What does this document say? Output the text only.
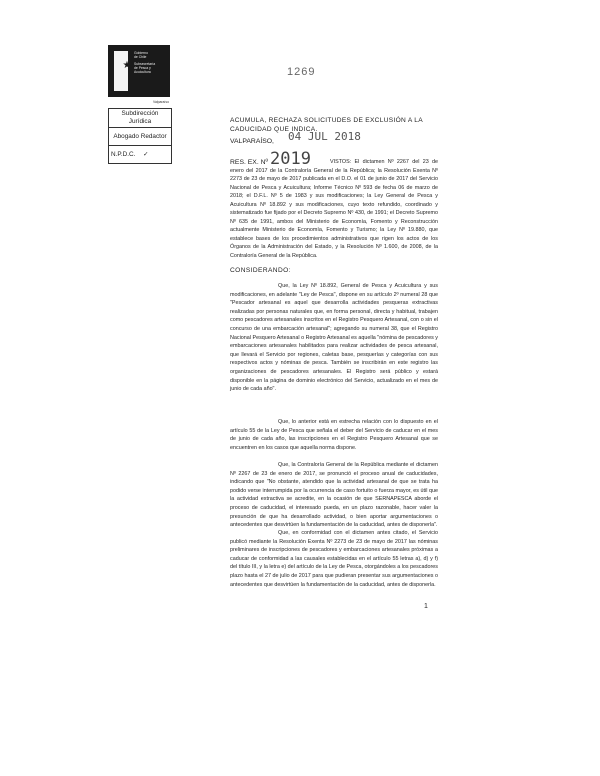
★
Gobierno
de Chile
Subsecretaría
de Pesca y
Acuicultura
Valparaíso
Subdirección Jurídica
Abogado Redactor
N.P.D.C. ✓
1269
ACUMULA, RECHAZA SOLICITUDES DE EXCLUSIÓN A LA
CADUCIDAD QUE INDICA.
VALPARAÍSO, 04 JUL 2018
RES. EX. Nº 2019	VISTOS: El dictamen Nº 2267 del 23 de enero del 2017 de la Contraloría General de la República; la Resolución Exenta Nº 2273 de 23 de mayo de 2017 publicada en el D.O. el 01 de junio de 2017 del Servicio Nacional de Pesca y Acuicultura; Informe Técnico Nº 593 de fecha 06 de marzo de 2018; el D.F.L. Nº 5 de 1983 y sus modificaciones; la Ley General de Pesca y Acuicultura Nº 18.892 y sus modificaciones, cuyo texto refundido, coordinado y sistematizado fue fijado por el Decreto Supremo Nº 430, de 1991; el Decreto Supremo Nº 635 de 1991, ambos del Ministerio de Economía, Fomento y Reconstrucción actualmente Ministerio de Economía, Fomento y Turismo; la Ley Nº 19.880, que establece bases de los procedimientos administrativos que rigen los actos de los Órganos de la Administración del Estado, y la Resolución Nº 1.600, de 2008, de la Contraloría General de la República.
CONSIDERANDO:
Que, la Ley Nº 18.892, General de Pesca y Acuicultura y sus modificaciones, en adelante "Ley de Pesca", dispone en su artículo 2º numeral 28 que "Pescador artesanal es aquel que desarrolla actividades pesqueras extractivas realizadas por personas naturales que, en forma personal, directa y habitual, trabajen como pescadores artesanales inscritos en el Registro Pesquero Artesanal, con o sin el concurso de una embarcación artesanal"; agregando su numeral 38, que el Registro Nacional Pesquero Artesanal o Registro Artesanal es aquella "nómina de pescadores y embarcaciones artesanales habilitados para realizar actividades de pesca artesanal, que llevará el Servicio por regiones, caletas base, pesquerías y categorías con sus respectivos actos y nóminas de pesca. También se inscribirán en este registro las organizaciones de pescadores artesanales. El Registro será público y estará disponible en la página de dominio electrónico del Servicio, actualizado en el mes de junio de cada año".
Que, lo anterior está en estrecha relación con lo dispuesto en el artículo 55 de la Ley de Pesca que señala el deber del Servicio de caducar en el mes de junio de cada año, las inscripciones en el Registro Pesquero Artesanal que se encuentren en los casos que aquella norma dispone.
Que, la Contraloría General de la República mediante el dictamen Nº 2267 de 23 de enero de 2017, se pronunció el proceso anual de caducidades, indicando que "No obstante, atendido que la actividad artesanal de que se trata ha podido verse interrumpida por la ocurrencia de caso fortuito o fuerza mayor, es útil que la actividad extractiva se acredite, en la ocasión de que SERNAPESCA aborde el proceso de caducidad, el interesado pueda, en un plazo razonable, hacer valer la presunción de que ha desarrollado actividad, o bien aportar argumentaciones o antecedentes que desvirtúen la fundamentación de la caducidad, antes de disponerla".
Que, en conformidad con el dictamen antes citado, el Servicio publicó mediante la Resolución Exenta Nº 2273 de 23 de mayo de 2017 las nóminas preliminares de inscripciones de pescadores y embarcaciones artesanales próximas a caducar de conformidad a las causales establecidas en el artículo 55 letras a), d) y f) del título III, y la letra e) del artículo de la Ley de Pesca, otorgándoles a los pescadores plazo hasta el 27 de julio de 2017 para que pudieran presentar sus argumentaciones o antecedentes que desvirtúen la fundamentación de la caducidad, antes de disponerla.
1
